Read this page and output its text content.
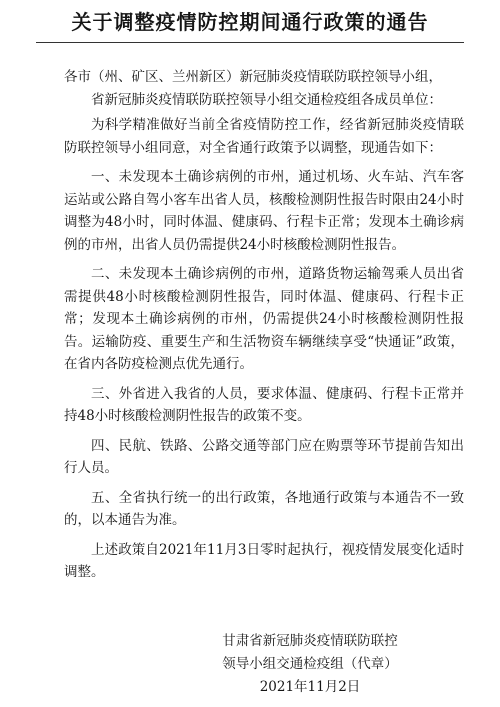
关于调整疫情防控期间通行政策的通告

各市（州、矿区、兰州新区）新冠肺炎疫情联防联控领导小组，

省新冠肺炎疫情联防联控领导小组交通检疫组各成员单位：

为科学精准做好当前全省疫情防控工作，经省新冠肺炎疫情联防联控领导小组同意，对全省通行政策予以调整，现通告如下：

一、未发现本土确诊病例的市州，通过机场、火车站、汽车客运站或公路自驾小客车出省人员，核酸检测阴性报告时限由24小时调整为48小时，同时体温、健康码、行程卡正常；发现本土确诊病例的市州，出省人员仍需提供24小时核酸检测阴性报告。

二、未发现本土确诊病例的市州，道路货物运输驾乘人员出省需提供48小时核酸检测阴性报告，同时体温、健康码、行程卡正常；发现本土确诊病例的市州，仍需提供24小时核酸检测阴性报告。运输防疫、重要生产和生活物资车辆继续享受“快通证”政策，在省内各防疫检测点优先通行。

三、外省进入我省的人员，要求体温、健康码、行程卡正常并持48小时核酸检测阴性报告的政策不变。

四、民航、铁路、公路交通等部门应在购票等环节提前告知出行人员。

五、全省执行统一的出行政策，各地通行政策与本通告不一致的，以本通告为准。

上述政策自2021年11月3日零时起执行，视疫情发展变化适时调整。

甘肃省新冠肺炎疫情联防联控
领导小组交通检疫组（代章）
2021年11月2日
